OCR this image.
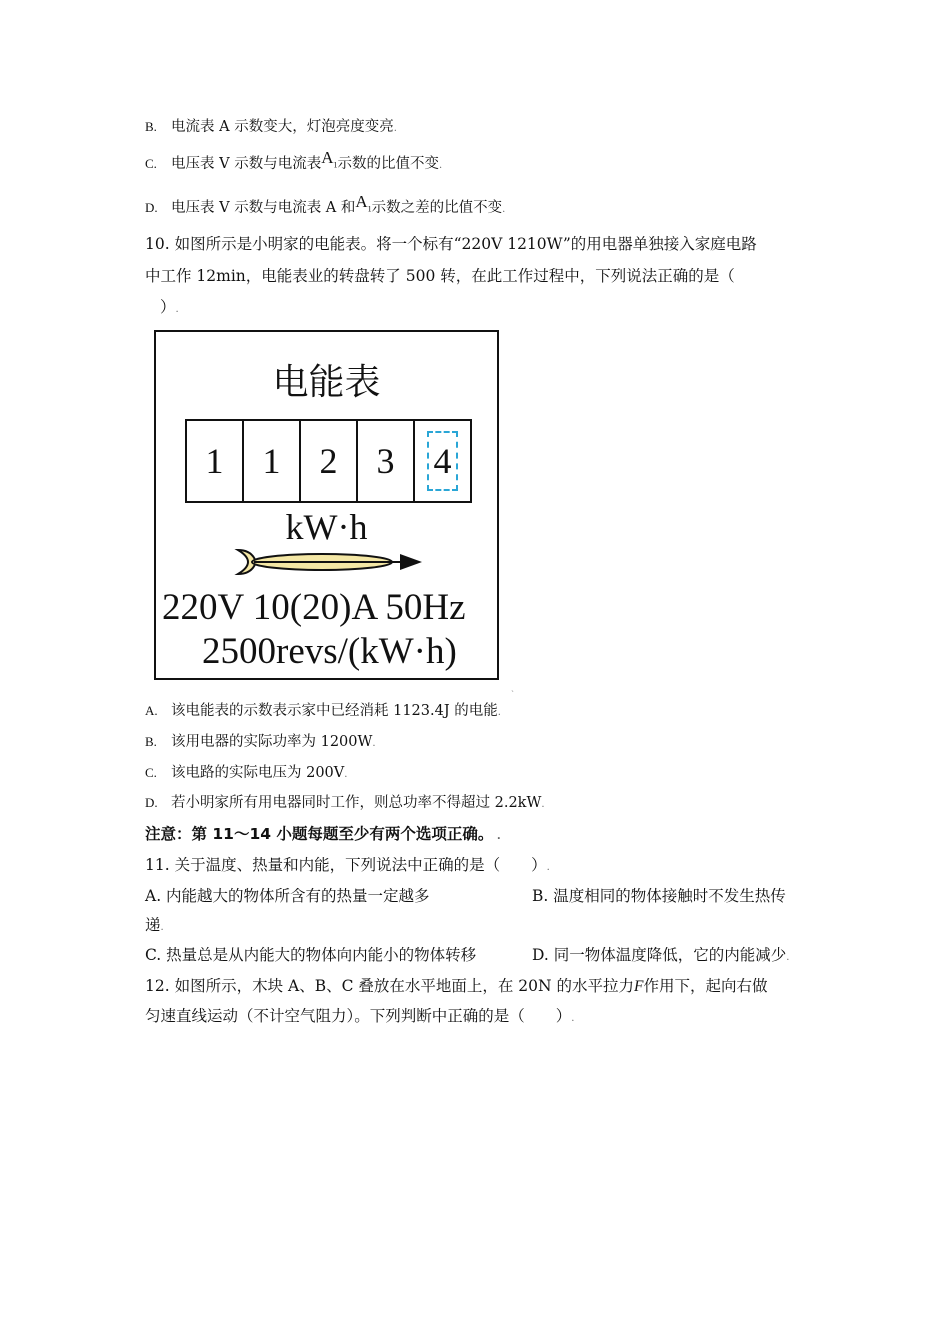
B. 电流表 A 示数变大，灯泡亮度变亮.
C. 电压表 V 示数与电流表$A_1$示数的比值不变.
D. 电压表 V 示数与电流表 A 和$A_1$示数之差的比值不变.
10. 如图所示是小明家的电能表。将一个标有“220V 1210W”的用电器单独接入家庭电路
中工作 12min，电能表业的转盘转了 500 转，在此工作过程中，下列说法正确的是（
）.
电能表
1 1 2 3 4
kW·h
220V 10(20)A 50Hz
2500revs/(kW·h)
ˎ
A. 该电能表的示数表示家中已经消耗 1123.4J 的电能.
B. 该用电器的实际功率为 1200W.
C. 该电路的实际电压为 200V.
D. 若小明家所有用电器同时工作，则总功率不得超过 2.2kW.
注意：第 11～14 小题每题至少有两个选项正确。 .
11. 关于温度、热量和内能，下列说法中正确的是（　　）.
A. 内能越大的物体所含有的热量一定越多	B. 温度相同的物体接触时不发生热传
递.
C. 热量总是从内能大的物体向内能小的物体转移	D. 同一物体温度降低，它的内能减少.
12. 如图所示，木块 A、B、C 叠放在水平地面上，在 20N 的水平拉力F作用下，起向右做
匀速直线运动（不计空气阻力）。下列判断中正确的是（　　）.
